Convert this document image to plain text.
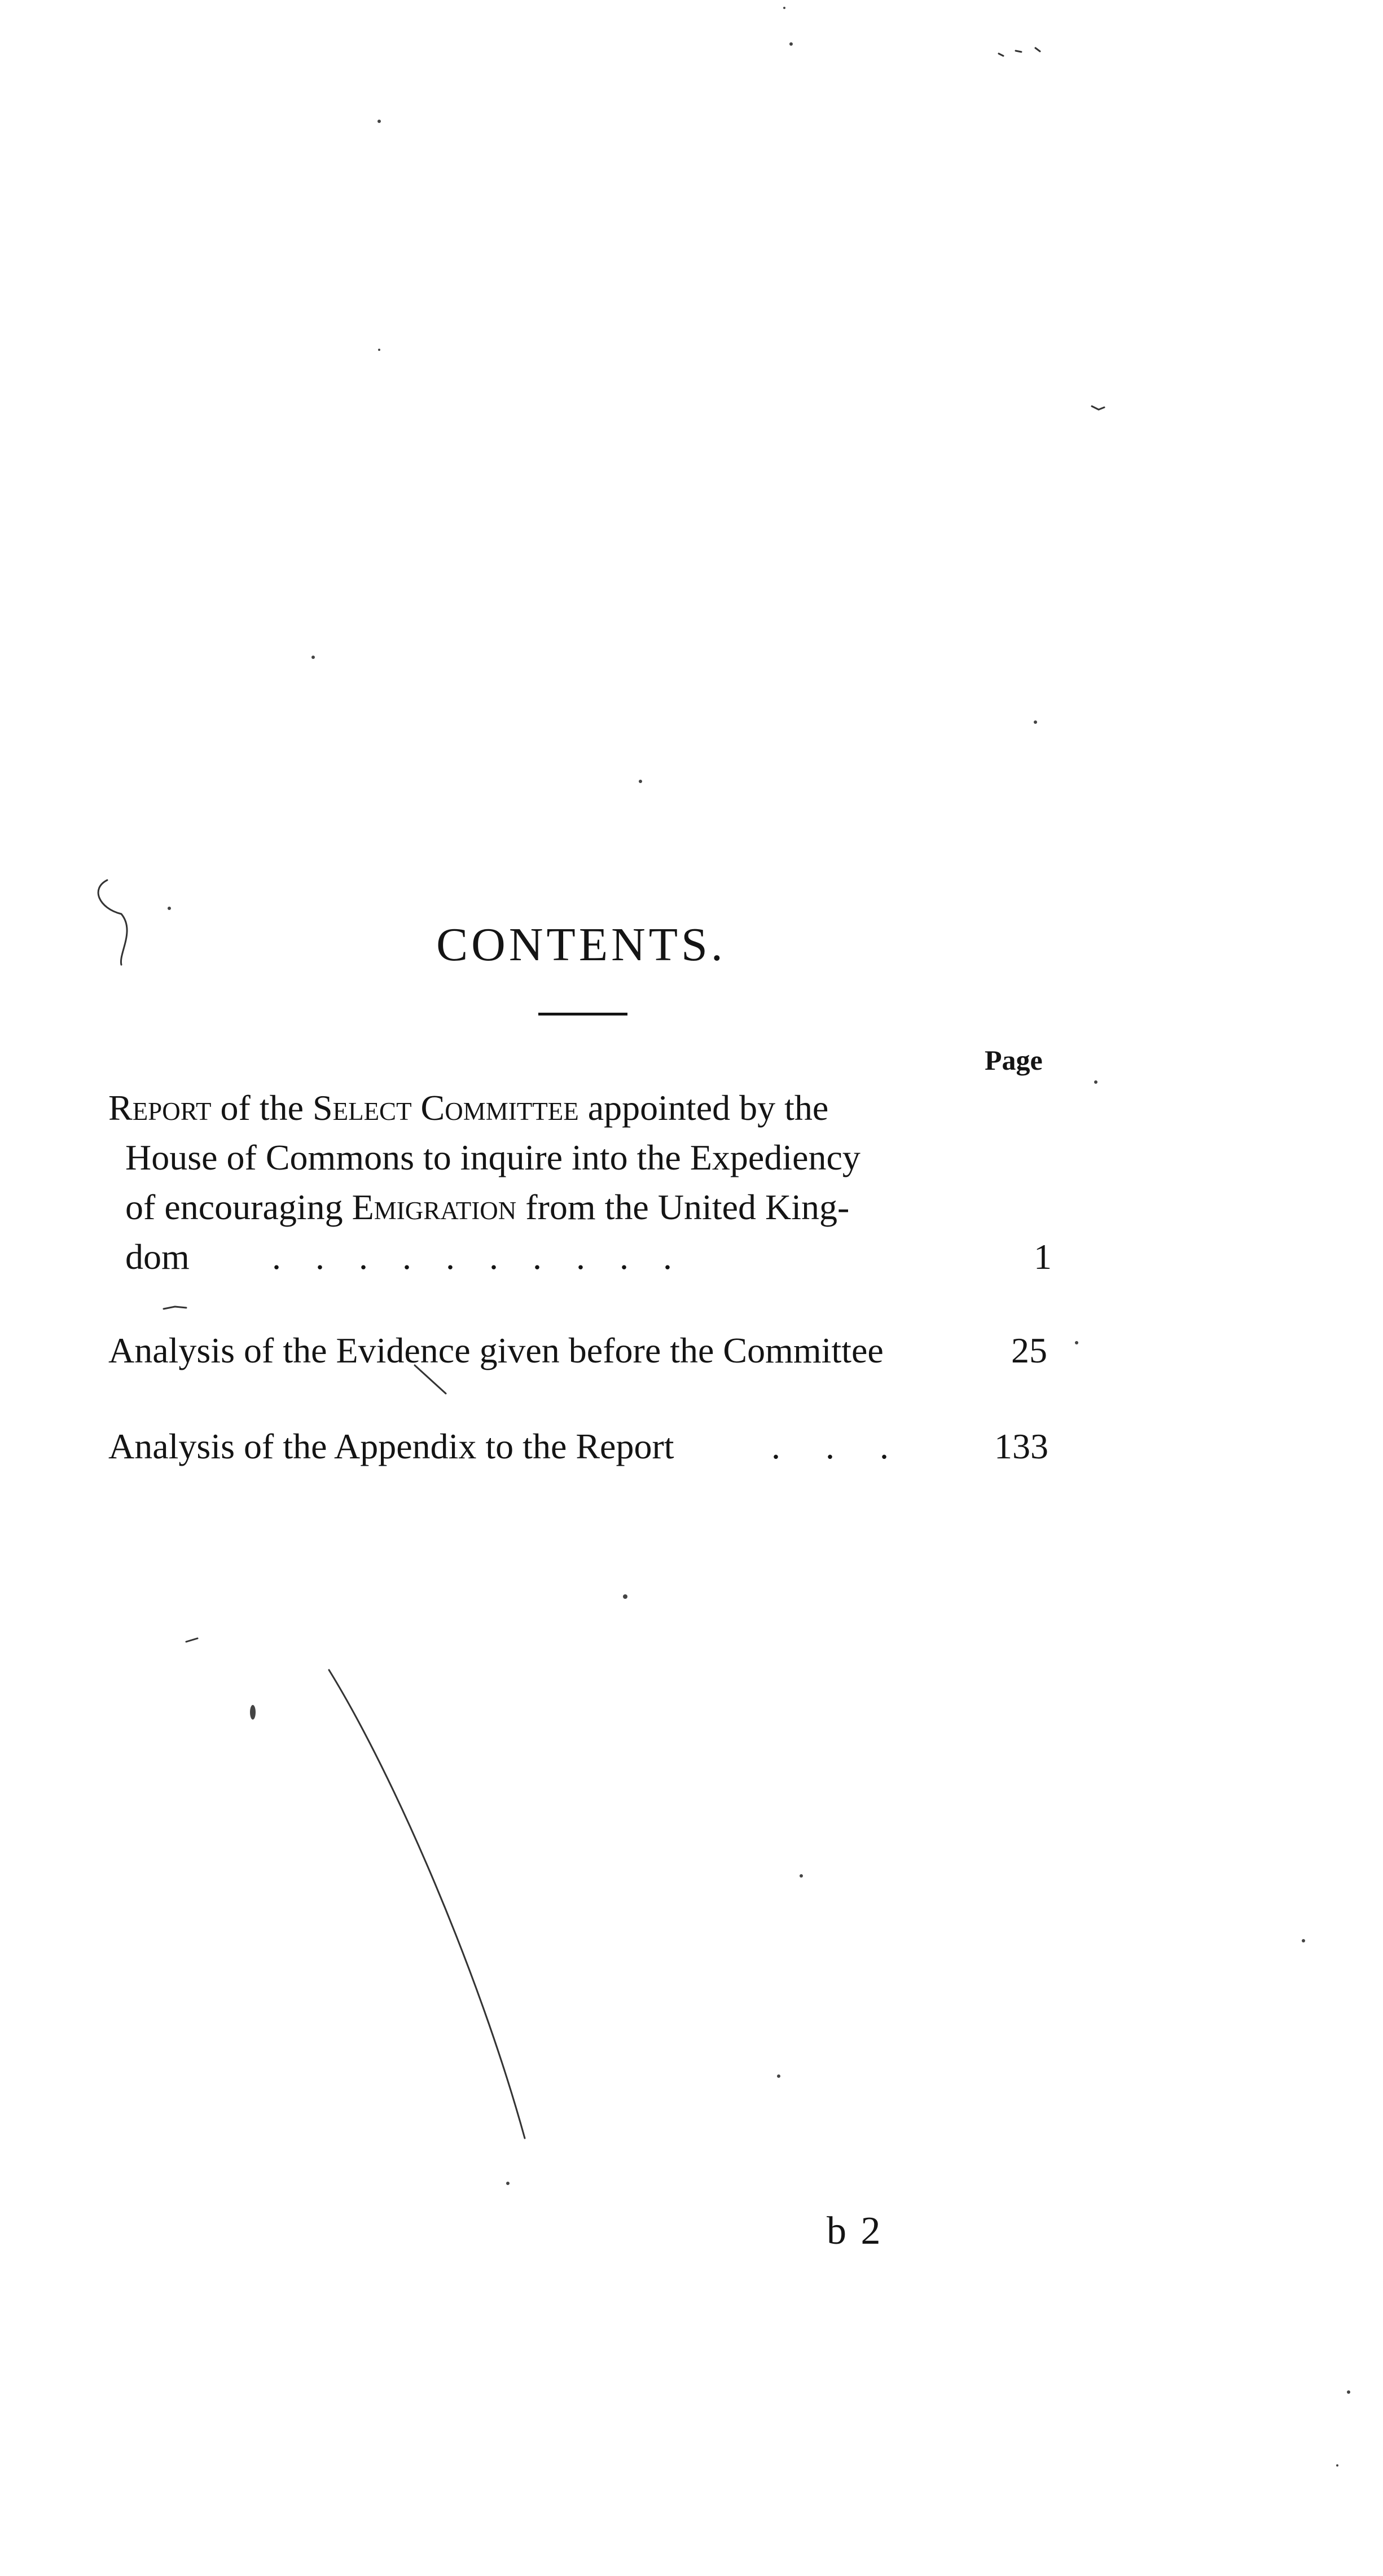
CONTENTS.
Page
Report of the Select Committee appointed by the
House of Commons to inquire into the Expediency
of encouraging Emigration from the United King-
dom ..........	1
Analysis of the Evidence given before the Committee	25
Analysis of the Appendix to the Report	... 133
b 2
